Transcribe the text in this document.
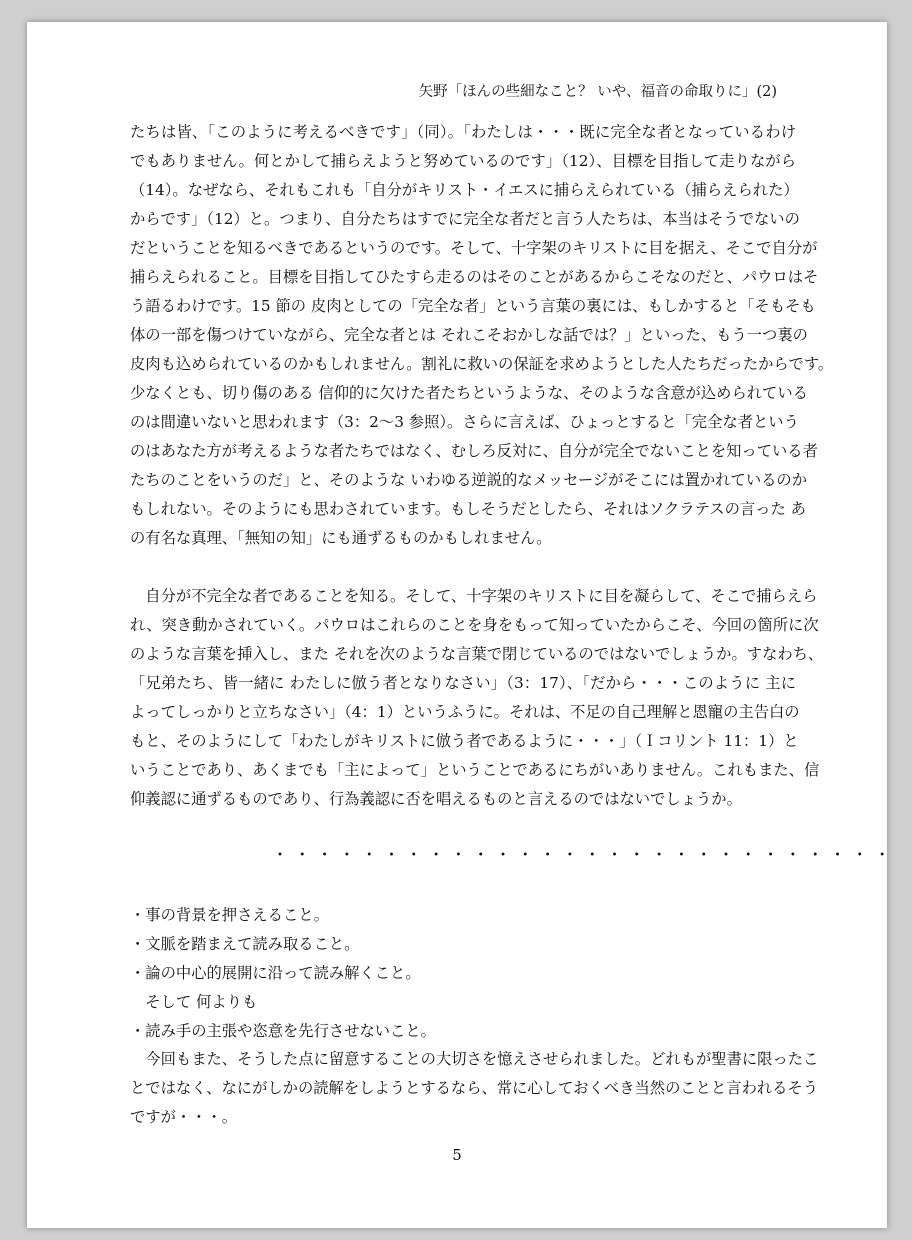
矢野「ほんの些細なこと？ いや、福音の命取りに」(2)
たちは皆、「このように考えるべきです」（同）。「わたしは・・・既に完全な者となっているわけ
でもありません。何とかして捕らえようと努めているのです」（12）、目標を目指して走りながら
（14）。なぜなら、それもこれも「自分がキリスト・イエスに捕らえられている（捕らえられた）
からです」（12）と。つまり、自分たちはすでに完全な者だと言う人たちは、本当はそうでないの
だということを知るべきであるというのです。そして、十字架のキリストに目を据え、そこで自分が
捕らえられること。目標を目指してひたすら走るのはそのことがあるからこそなのだと、パウロはそ
う語るわけです。15 節の 皮肉としての「完全な者」という言葉の裏には、もしかすると「そもそも
体の一部を傷つけていながら、完全な者とは それこそおかしな話では？」といった、もう一つ裏の
皮肉も込められているのかもしれません。割礼に救いの保証を求めようとした人たちだったからです。
少なくとも、切り傷のある 信仰的に欠けた者たちというような、そのような含意が込められている
のは間違いないと思われます（3：2〜3 参照）。さらに言えば、ひょっとすると「完全な者という
のはあなた方が考えるような者たちではなく、むしろ反対に、自分が完全でないことを知っている者
たちのことをいうのだ」と、そのような いわゆる逆説的なメッセージがそこには置かれているのか
もしれない。そのようにも思わされています。もしそうだとしたら、それはソクラテスの言った あ
の有名な真理、「無知の知」にも通ずるものかもしれません。
　自分が不完全な者であることを知る。そして、十字架のキリストに目を凝らして、そこで捕らえら
れ、突き動かされていく。パウロはこれらのことを身をもって知っていたからこそ、今回の箇所に次
のような言葉を挿入し、また それを次のような言葉で閉じているのではないでしょうか。すなわち、
「兄弟たち、皆一緒に わたしに倣う者となりなさい」（3：17）、「だから・・・このように 主に
よってしっかりと立ちなさい」（4：1）というふうに。それは、不足の自己理解と恩寵の主告白の
もと、そのようにして「わたしがキリストに倣う者であるように・・・」（Ｉコリント 11：1）と
いうことであり、あくまでも「主によって」ということであるにちがいありません。これもまた、信
仰義認に通ずるものであり、行為義認に否を唱えるものと言えるのではないでしょうか。
・・・・・・・・・・・・・・・・・・・・・・・・・・・・
・事の背景を押さえること。
・文脈を踏まえて読み取ること。
・論の中心的展開に沿って読み解くこと。
　そして 何よりも
・読み手の主張や恣意を先行させないこと。
　今回もまた、そうした点に留意することの大切さを憶えさせられました。どれもが聖書に限ったこ
とではなく、なにがしかの読解をしようとするなら、常に心しておくべき当然のことと言われるそう
ですが・・・。
5
